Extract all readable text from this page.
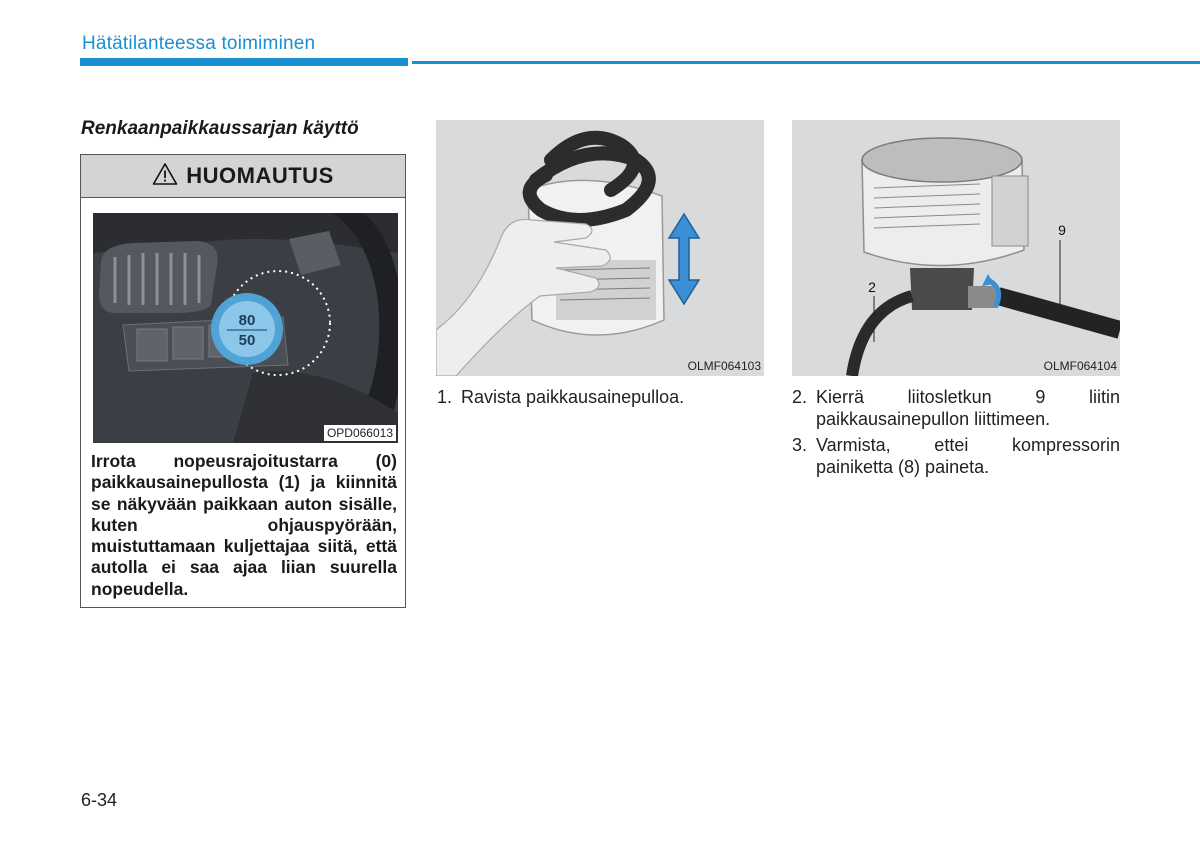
Hätätilanteessa toimiminen
Renkaanpaikkaussarjan käyttö
HUOMAUTUS
80
50
OPD066013
Irrota nopeusrajoitustarra (0) paikkausainepullosta (1) ja kiinnitä se näkyvään paikkaan auton sisälle, kuten ohjauspyörään, muistuttamaan kuljettajaa siitä, että autolla ei saa ajaa liian suurella nopeudella.
OLMF064103
9
2
OLMF064104
1. Ravista paikkausainepulloa.	2. Kierrä liitosletkun 9 liitin paikkausainepullon liittimeen.
3. Varmista, ettei kompressorin painiketta (8) paineta.
6-34
